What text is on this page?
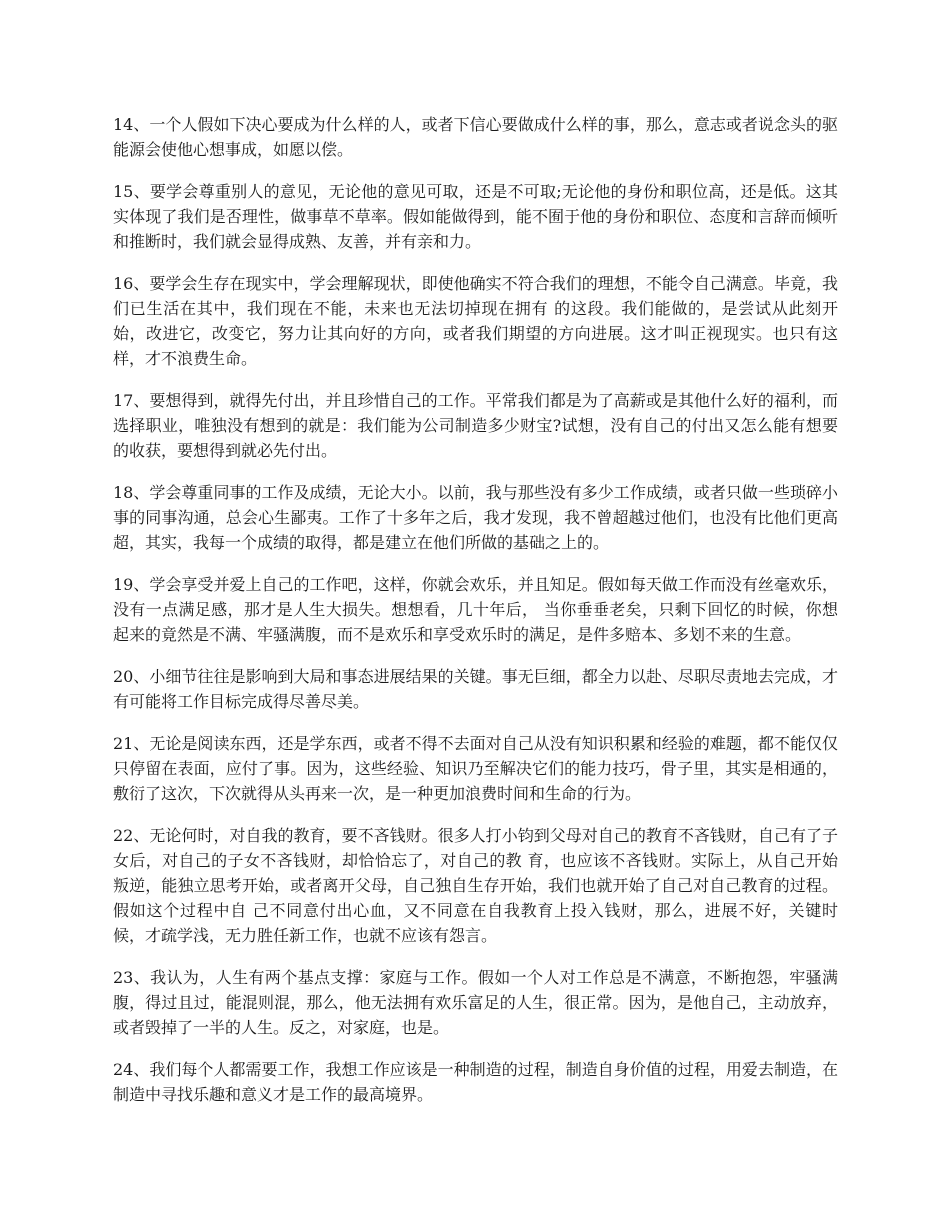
14、一个人假如下决心要成为什么样的人，或者下信心要做成什么样的事，那么，意志或者说念头的驱能源会使他心想事成，如愿以偿。

15、要学会尊重别人的意见，无论他的意见可取，还是不可取;无论他的身份和职位高，还是低。这其实体现了我们是否理性，做事草不草率。假如能做得到，能不囿于他的身份和职位、态度和言辞而倾听和推断时，我们就会显得成熟、友善，并有亲和力。

16、要学会生存在现实中，学会理解现状，即使他确实不符合我们的理想，不能令自己满意。毕竟，我们已生活在其中，我们现在不能，未来也无法切掉现在拥有 的这段。我们能做的，是尝试从此刻开始，改进它，改变它，努力让其向好的方向，或者我们期望的方向进展。这才叫正视现实。也只有这样，才不浪费生命。

17、要想得到，就得先付出，并且珍惜自己的工作。平常我们都是为了高薪或是其他什么好的福利，而选择职业，唯独没有想到的就是：我们能为公司制造多少财宝?试想，没有自己的付出又怎么能有想要的收获，要想得到就必先付出。

18、学会尊重同事的工作及成绩，无论大小。以前，我与那些没有多少工作成绩，或者只做一些琐碎小事的同事沟通，总会心生鄙夷。工作了十多年之后，我才发现，我不曾超越过他们，也没有比他们更高超，其实，我每一个成绩的取得，都是建立在他们所做的基础之上的。

19、学会享受并爱上自己的工作吧，这样，你就会欢乐，并且知足。假如每天做工作而没有丝毫欢乐，没有一点满足感，那才是人生大损失。想想看，几十年后， 当你垂垂老矣，只剩下回忆的时候，你想起来的竟然是不满、牢骚满腹，而不是欢乐和享受欢乐时的满足，是件多赔本、多划不来的生意。

20、小细节往往是影响到大局和事态进展结果的关键。事无巨细，都全力以赴、尽职尽责地去完成，才有可能将工作目标完成得尽善尽美。

21、无论是阅读东西，还是学东西，或者不得不去面对自己从没有知识积累和经验的难题，都不能仅仅只停留在表面，应付了事。因为，这些经验、知识乃至解决它们的能力技巧，骨子里，其实是相通的，敷衍了这次，下次就得从头再来一次，是一种更加浪费时间和生命的行为。

22、无论何时，对自我的教育，要不吝钱财。很多人打小钧到父母对自己的教育不吝钱财，自己有了子女后，对自己的子女不吝钱财，却恰恰忘了，对自己的教 育，也应该不吝钱财。实际上，从自己开始叛逆，能独立思考开始，或者离开父母，自己独自生存开始，我们也就开始了自己对自己教育的过程。假如这个过程中自 己不同意付出心血，又不同意在自我教育上投入钱财，那么，进展不好，关键时候，才疏学浅，无力胜任新工作，也就不应该有怨言。

23、我认为，人生有两个基点支撑：家庭与工作。假如一个人对工作总是不满意，不断抱怨，牢骚满腹，得过且过，能混则混，那么，他无法拥有欢乐富足的人生，很正常。因为，是他自己，主动放弃，或者毁掉了一半的人生。反之，对家庭，也是。

24、我们每个人都需要工作，我想工作应该是一种制造的过程，制造自身价值的过程，用爱去制造，在制造中寻找乐趣和意义才是工作的最高境界。
